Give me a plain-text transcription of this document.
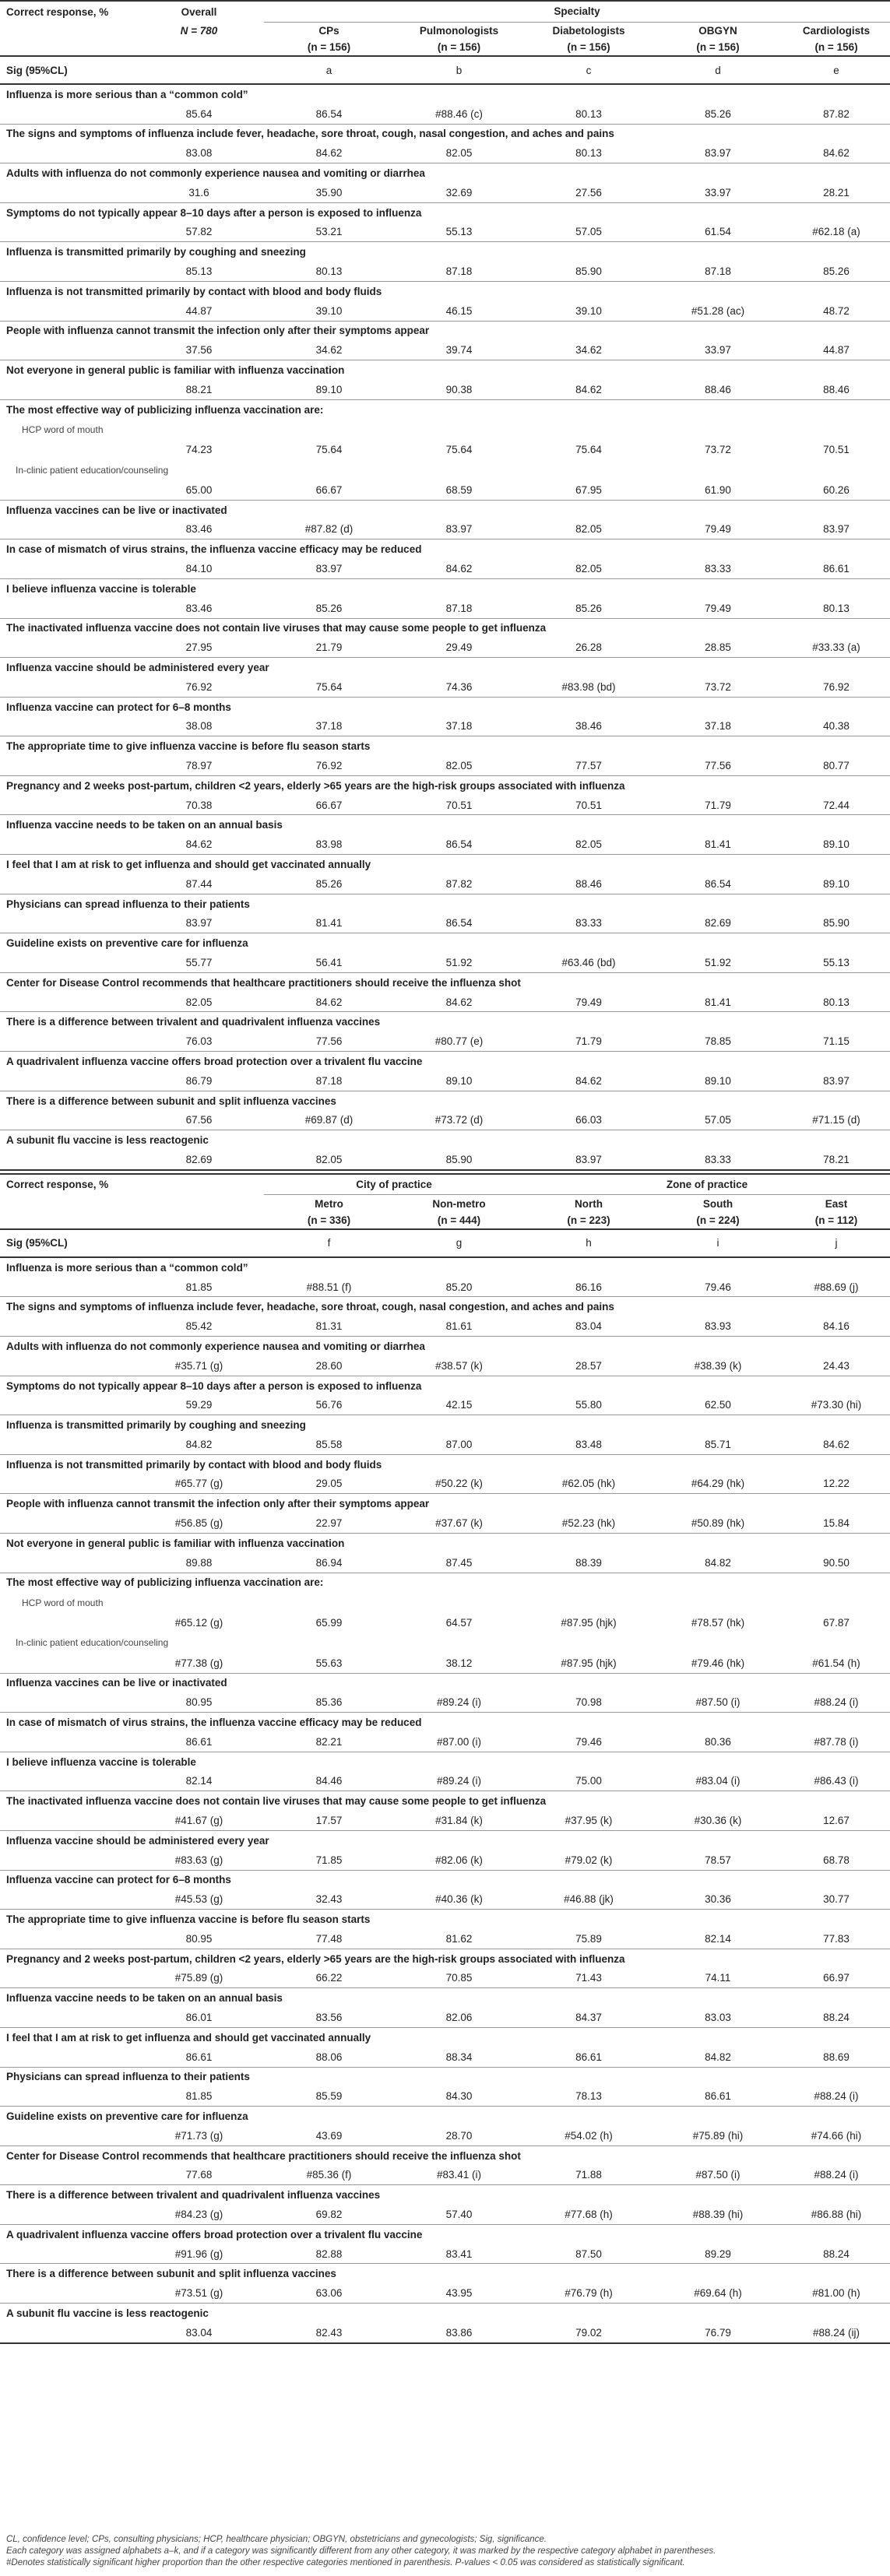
Correct response, %	Overall	Specialty				
	N = 780	CPs	Pulmonologists	Diabetologists	OBGYN	Cardiologists
		(n = 156)	(n = 156)	(n = 156)	(n = 156)	(n = 156)
Sig (95%CL)		a	b	c	d	e
Influenza is more serious than a “common cold”						
	85.64	86.54	#88.46 (c)	80.13	85.26	87.82
The signs and symptoms of influenza include fever, headache, sore throat, cough, nasal congestion, and aches and pains						
	83.08	84.62	82.05	80.13	83.97	84.62
Adults with influenza do not commonly experience nausea and vomiting or diarrhea						
	31.6	35.90	32.69	27.56	33.97	28.21
Symptoms do not typically appear 8–10 days after a person is exposed to influenza						
	57.82	53.21	55.13	57.05	61.54	#62.18 (a)
Influenza is transmitted primarily by coughing and sneezing						
	85.13	80.13	87.18	85.90	87.18	85.26
Influenza is not transmitted primarily by contact with blood and body fluids						
	44.87	39.10	46.15	39.10	#51.28 (ac)	48.72
People with influenza cannot transmit the infection only after their symptoms appear						
	37.56	34.62	39.74	34.62	33.97	44.87
Not everyone in general public is familiar with influenza vaccination						
	88.21	89.10	90.38	84.62	88.46	88.46
The most effective way of publicizing influenza vaccination are:						
HCP word of mouth						
	74.23	75.64	75.64	75.64	73.72	70.51
In-clinic patient education/counseling						
	65.00	66.67	68.59	67.95	61.90	60.26
Influenza vaccines can be live or inactivated						
	83.46	#87.82 (d)	83.97	82.05	79.49	83.97
In case of mismatch of virus strains, the influenza vaccine efficacy may be reduced						
	84.10	83.97	84.62	82.05	83.33	86.61
I believe influenza vaccine is tolerable						
	83.46	85.26	87.18	85.26	79.49	80.13
The inactivated influenza vaccine does not contain live viruses that may cause some people to get influenza						
	27.95	21.79	29.49	26.28	28.85	#33.33 (a)
Influenza vaccine should be administered every year						
	76.92	75.64	74.36	#83.98 (bd)	73.72	76.92
Influenza vaccine can protect for 6–8 months						
	38.08	37.18	37.18	38.46	37.18	40.38
The appropriate time to give influenza vaccine is before flu season starts						
	78.97	76.92	82.05	77.57	77.56	80.77
Pregnancy and 2 weeks post-partum, children <2 years, elderly >65 years are the high-risk groups associated with influenza						
	70.38	66.67	70.51	70.51	71.79	72.44
Influenza vaccine needs to be taken on an annual basis						
	84.62	83.98	86.54	82.05	81.41	89.10
I feel that I am at risk to get influenza and should get vaccinated annually						
	87.44	85.26	87.82	88.46	86.54	89.10
Physicians can spread influenza to their patients						
	83.97	81.41	86.54	83.33	82.69	85.90
Guideline exists on preventive care for influenza						
	55.77	56.41	51.92	#63.46 (bd)	51.92	55.13
Center for Disease Control recommends that healthcare practitioners should receive the influenza shot						
	82.05	84.62	84.62	79.49	81.41	80.13
There is a difference between trivalent and quadrivalent influenza vaccines						
	76.03	77.56	#80.77 (e)	71.79	78.85	71.15
A quadrivalent influenza vaccine offers broad protection over a trivalent flu vaccine						
	86.79	87.18	89.10	84.62	89.10	83.97
There is a difference between subunit and split influenza vaccines						
	67.56	#69.87 (d)	#73.72 (d)	66.03	57.05	#71.15 (d)
A subunit flu vaccine is less reactogenic						
	82.69	82.05	85.90	83.97	83.33	78.21

Correct response, %		City of practice		Zone of practice			
		Metro	Non-metro	North	South	East	
		(n = 336)	(n = 444)	(n = 223)	(n = 224)	(n = 112)	
Sig (95%CL)		f	g	h	i	j	
Influenza is more serious than a “common cold”							
	81.85	#88.51 (f)	85.20	86.16	79.46	#88.69 (j)	
The signs and symptoms of influenza include fever, headache, sore throat, cough, nasal congestion, and aches and pains							
	85.42	81.31	81.61	83.04	83.93	84.16	
Adults with influenza do not commonly experience nausea and vomiting or diarrhea							
	#35.71 (g)	28.60	#38.57 (k)	28.57	#38.39 (k)	24.43	
Symptoms do not typically appear 8–10 days after a person is exposed to influenza							
	59.29	56.76	42.15	55.80	62.50	#73.30 (hi)	
Influenza is transmitted primarily by coughing and sneezing							
	84.82	85.58	87.00	83.48	85.71	84.62	
Influenza is not transmitted primarily by contact with blood and body fluids							
	#65.77 (g)	29.05	#50.22 (k)	#62.05 (hk)	#64.29 (hk)	12.22	
People with influenza cannot transmit the infection only after their symptoms appear							
	#56.85 (g)	22.97	#37.67 (k)	#52.23 (hk)	#50.89 (hk)	15.84	
Not everyone in general public is familiar with influenza vaccination							
	89.88	86.94	87.45	88.39	84.82	90.50	
The most effective way of publicizing influenza vaccination are:							
HCP word of mouth							
	#65.12 (g)	65.99	64.57	#87.95 (hjk)	#78.57 (hk)	67.87	
In-clinic patient education/counseling							
	#77.38 (g)	55.63	38.12	#87.95 (hjk)	#79.46 (hk)	#61.54 (h)	
Influenza vaccines can be live or inactivated							
	80.95	85.36	#89.24 (i)	70.98	#87.50 (i)	#88.24 (i)	
In case of mismatch of virus strains, the influenza vaccine efficacy may be reduced							
	86.61	82.21	#87.00 (i)	79.46	80.36	#87.78 (i)	
I believe influenza vaccine is tolerable							
	82.14	84.46	#89.24 (i)	75.00	#83.04 (i)	#86.43 (i)	
The inactivated influenza vaccine does not contain live viruses that may cause some people to get influenza							
	#41.67 (g)	17.57	#31.84 (k)	#37.95 (k)	#30.36 (k)	12.67	
Influenza vaccine should be administered every year							
	#83.63 (g)	71.85	#82.06 (k)	#79.02 (k)	78.57	68.78	
Influenza vaccine can protect for 6–8 months							
	#45.53 (g)	32.43	#40.36 (k)	#46.88 (jk)	30.36	30.77	
The appropriate time to give influenza vaccine is before flu season starts							
	80.95	77.48	81.62	75.89	82.14	77.83	
Pregnancy and 2 weeks post-partum, children <2 years, elderly >65 years are the high-risk groups associated with influenza							
	#75.89 (g)	66.22	70.85	71.43	74.11	66.97	
Influenza vaccine needs to be taken on an annual basis							
	86.01	83.56	82.06	84.37	83.03	88.24	
I feel that I am at risk to get influenza and should get vaccinated annually							
	86.61	88.06	88.34	86.61	84.82	88.69	
Physicians can spread influenza to their patients							
	81.85	85.59	84.30	78.13	86.61	#88.24 (i)	
Guideline exists on preventive care for influenza							
	#71.73 (g)	43.69	28.70	#54.02 (h)	#75.89 (hi)	#74.66 (hi)	
Center for Disease Control recommends that healthcare practitioners should receive the influenza shot							
	77.68	#85.36 (f)	#83.41 (i)	71.88	#87.50 (i)	#88.24 (i)	
There is a difference between trivalent and quadrivalent influenza vaccines							
	#84.23 (g)	69.82	57.40	#77.68 (h)	#88.39 (hi)	#86.88 (hi)	
A quadrivalent influenza vaccine offers broad protection over a trivalent flu vaccine							
	#91.96 (g)	82.88	83.41	87.50	89.29	88.24	
There is a difference between subunit and split influenza vaccines							
	#73.51 (g)	63.06	43.95	#76.79 (h)	#69.64 (h)	#81.00 (h)	
A subunit flu vaccine is less reactogenic							
	83.04	82.43	83.86	79.02	76.79	#88.24 (ij)	

CL, confidence level; CPs, consulting physicians; HCP, healthcare physician; OBGYN, obstetricians and gynecologists; Sig, significance.
Each category was assigned alphabets a–k, and if a category was significantly different from any other category, it was marked by the respective category alphabet in parentheses.
#Denotes statistically significant higher proportion than the other respective categories mentioned in parenthesis. P-values < 0.05 was considered as statistically significant.
